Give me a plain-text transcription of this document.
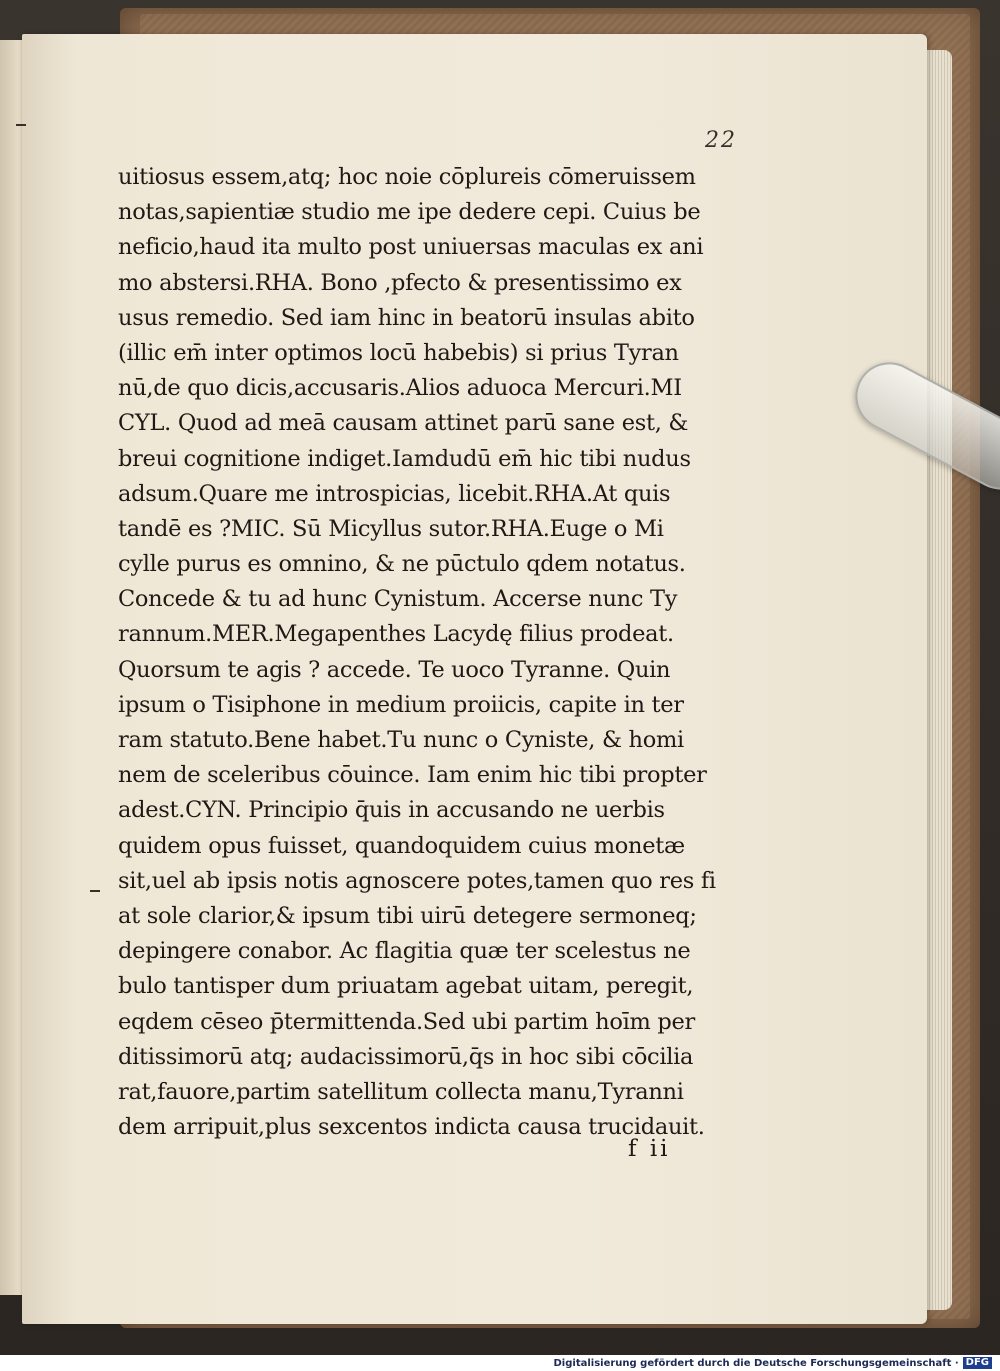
22
uitiosus essem,atq; hoc noie cōplureis cōmeruissem
notas,sapientiæ studio me ipe dedere cepi. Cuius be
neficio,haud ita multo post uniuersas maculas ex ani
mo abstersi.RHA. Bono ,pfecto & presentissimo ex
usus remedio. Sed iam hinc in beatorū insulas abito
(illic em̄ inter optimos locū habebis) si prius Tyran
nū,de quo dicis,accusaris.Alios aduoca Mercuri.MI
CYL. Quod ad meā causam attinet parū sane est, &
breui cognitione indiget.Iamdudū em̄ hic tibi nudus
adsum.Quare me introspicias, licebit.RHA.At quis
tandē es ?MIC. Sū Micyllus sutor.RHA.Euge o Mi
cylle purus es omnino, & ne pūctulo qdem notatus.
Concede & tu ad hunc Cynistum. Accerse nunc Ty
rannum.MER.Megapenthes Lacydę filius prodeat.
Quorsum te agis ? accede. Te uoco Tyranne. Quin
ipsum o Tisiphone in medium proiicis, capite in ter
ram statuto.Bene habet.Tu nunc o Cyniste, & homi
nem de sceleribus cōuince. Iam enim hic tibi propter
adest.CYN. Principio q̄uis in accusando ne uerbis
quidem opus fuisset, quandoquidem cuius monetæ
sit,uel ab ipsis notis agnoscere potes,tamen quo res fi
at sole clarior,& ipsum tibi uirū detegere sermoneq;
depingere conabor. Ac flagitia quæ ter scelestus ne
bulo tantisper dum priuatam agebat uitam, peregit,
eqdem cēseo p̄termittenda.Sed ubi partim hoīm per
ditissimorū atq; audacissimorū,q̄s in hoc sibi cōcilia
rat,fauore,partim satellitum collecta manu,Tyranni
dem arripuit,plus sexcentos indicta causa trucidauit.
f ii
Digitalisierung gefördert durch die Deutsche Forschungsgemeinschaft · DFG
